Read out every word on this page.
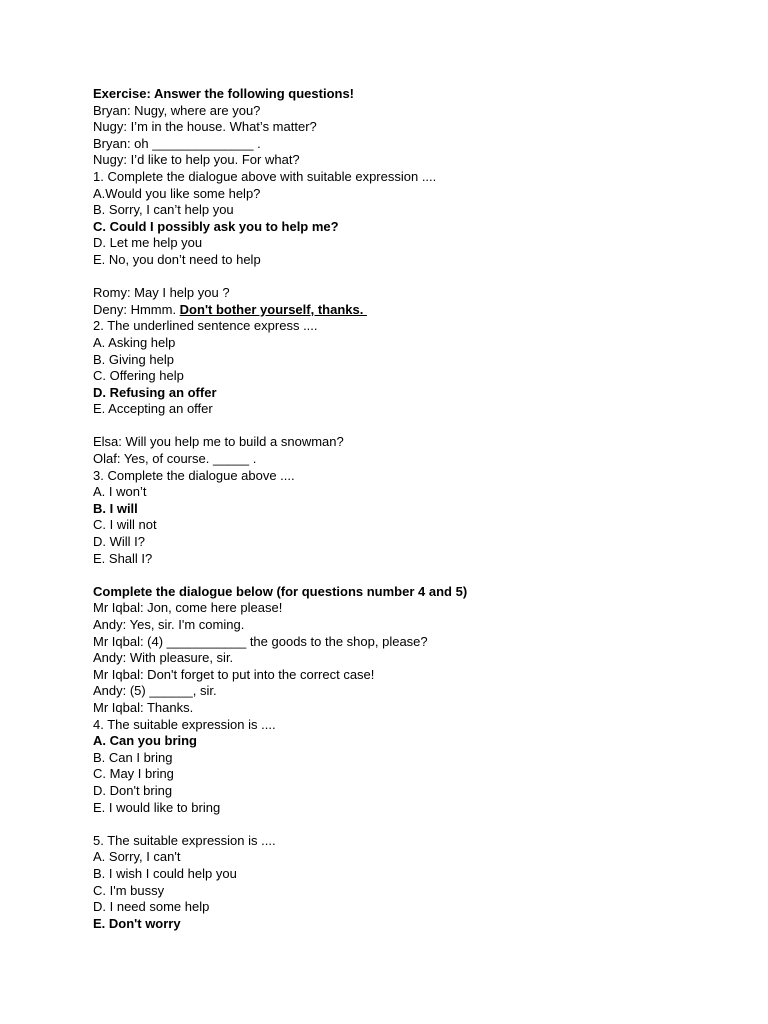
Exercise: Answer the following questions!
Bryan: Nugy, where are you?
Nugy: I’m in the house. What’s matter?
Bryan: oh ______________ .
Nugy: I’d like to help you. For what?
1. Complete the dialogue above with suitable expression ....
A.Would you like some help?
B. Sorry, I can’t help you
C. Could I possibly ask you to help me?
D. Let me help you
E. No, you don’t need to help
Romy: May I help you ?
Deny: Hmmm. Don't bother yourself, thanks.
2. The underlined sentence express ....
A. Asking help
B. Giving help
C. Offering help
D. Refusing an offer
E. Accepting an offer
Elsa: Will you help me to build a snowman?
Olaf: Yes, of course. _____ .
3. Complete the dialogue above ....
A. I won’t
B. I will
C. I will not
D. Will I?
E. Shall I?
Complete the dialogue below (for questions number 4 and 5)
Mr Iqbal: Jon, come here please!
Andy: Yes, sir. I'm coming.
Mr Iqbal: (4) ___________ the goods to the shop, please?
Andy: With pleasure, sir.
Mr Iqbal: Don't forget to put into the correct case!
Andy: (5) ______, sir.
Mr Iqbal: Thanks.
4. The suitable expression is ....
A. Can you bring
B. Can I bring
C. May I bring
D. Don't bring
E. I would like to bring
5. The suitable expression is ....
A. Sorry, I can't
B. I wish I could help you
C. I'm bussy
D. I need some help
E. Don't worry
